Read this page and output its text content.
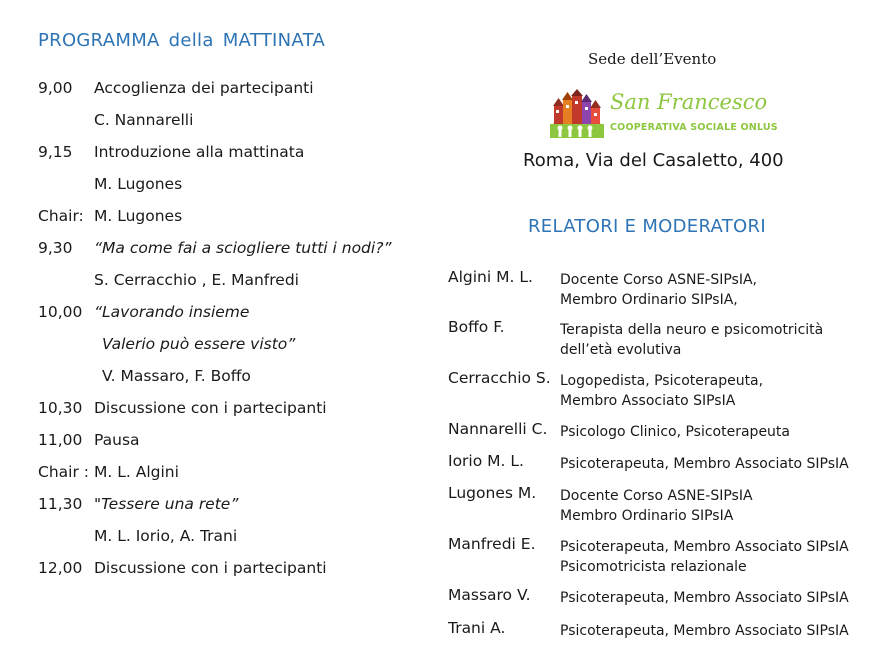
PROGRAMMA della MATTINATA
9,00 Accoglienza dei partecipanti
C. Nannarelli
9,15 Introduzione alla mattinata
M. Lugones
Chair: M. Lugones
9,30 “Ma come fai a sciogliere tutti i nodi?”
S. Cerracchio , E. Manfredi
10,00 “Lavorando insieme
Valerio può essere visto”
V. Massaro, F. Boffo
10,30 Discussione con i partecipanti
11,00 Pausa
Chair : M. L. Algini
11,30 "Tessere una rete”
M. L. Iorio, A. Trani
12,00 Discussione con i partecipanti
Sede dell’Evento
San Francesco
COOPERATIVA SOCIALE ONLUS
Roma, Via del Casaletto, 400
RELATORI E MODERATORI
Algini M. L. Docente Corso ASNE-SIPsIA,
Membro Ordinario SIPsIA,
Boffo F.	Terapista della neuro e psicomotricità
dell’età evolutiva
Cerracchio S. Logopedista, Psicoterapeuta,
Membro Associato SIPsIA
Nannarelli C. Psicologo Clinico, Psicoterapeuta
Iorio M. L.	Psicoterapeuta, Membro Associato SIPsIA
Lugones M. Docente Corso ASNE-SIPsIA
Membro Ordinario SIPsIA
Manfredi E. Psicoterapeuta, Membro Associato SIPsIA
Psicomotricista relazionale
Massaro V. Psicoterapeuta, Membro Associato SIPsIA
Trani A.	Psicoterapeuta, Membro Associato SIPsIA
